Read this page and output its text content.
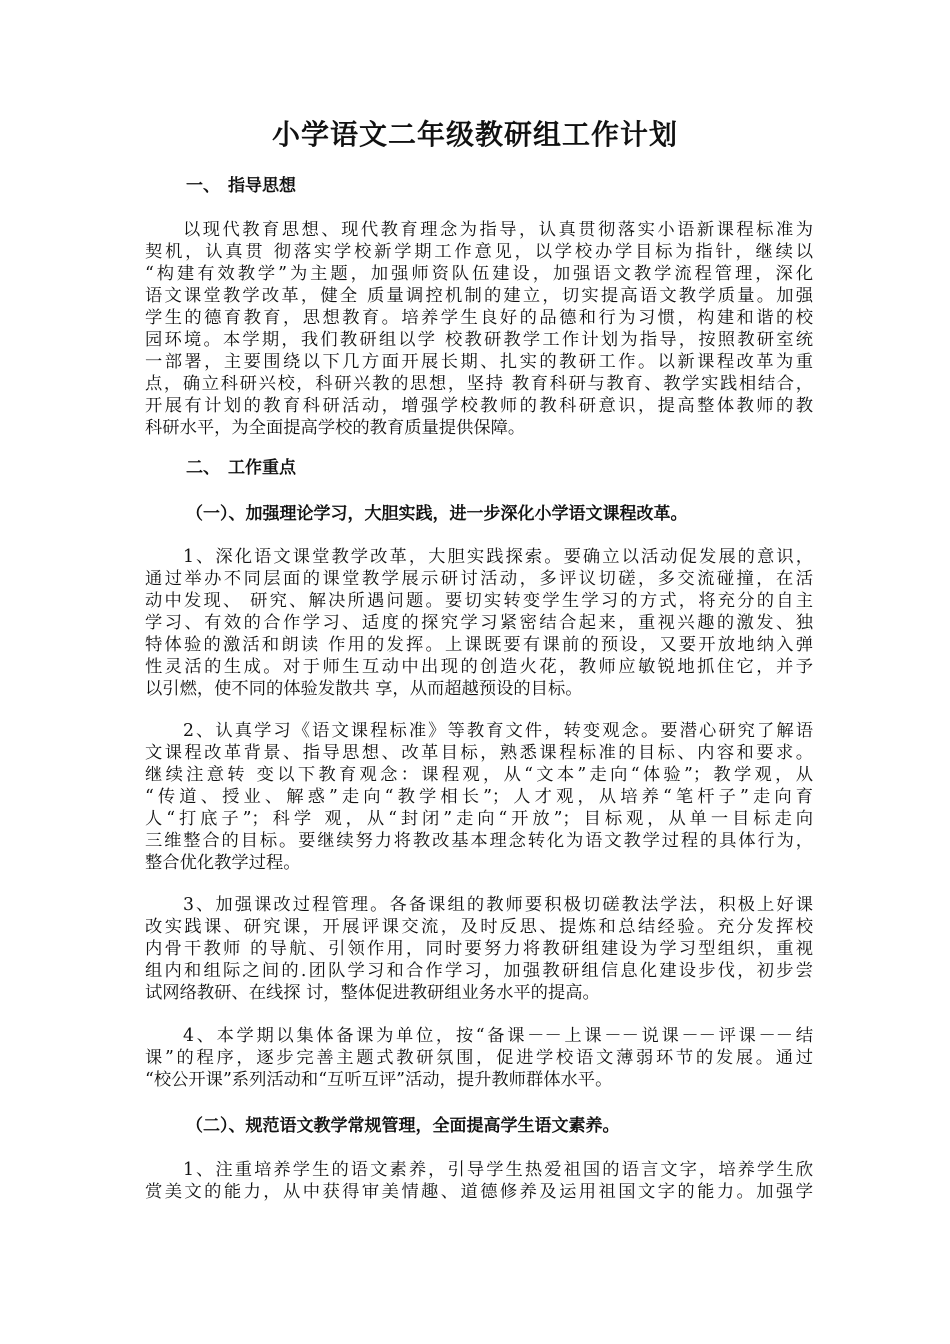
小学语文二年级教研组工作计划
一、 指导思想
以现代教育思想、现代教育理念为指导，认真贯彻落实小语新课程标准为
契机，认真贯 彻落实学校新学期工作意见，以学校办学目标为指针，继续以
“构建有效教学”为主题，加强师资队伍建设，加强语文教学流程管理，深化
语文课堂教学改革，健全 质量调控机制的建立，切实提高语文教学质量。加强
学生的德育教育，思想教育。培养学生良好的品德和行为习惯，构建和谐的校
园环境。本学期，我们教研组以学 校教研教学工作计划为指导，按照教研室统
一部署，主要围绕以下几方面开展长期、扎实的教研工作。以新课程改革为重
点，确立科研兴校，科研兴教的思想，坚持 教育科研与教育、教学实践相结合，
开展有计划的教育科研活动，增强学校教师的教科研意识，提高整体教师的教
科研水平，为全面提高学校的教育质量提供保障。
二、 工作重点
（一）、加强理论学习，大胆实践，进一步深化小学语文课程改革。
1、深化语文课堂教学改革，大胆实践探索。要确立以活动促发展的意识，
通过举办不同层面的课堂教学展示研讨活动，多评议切磋，多交流碰撞，在活
动中发现、 研究、解决所遇问题。要切实转变学生学习的方式，将充分的自主
学习、有效的合作学习、适度的探究学习紧密结合起来，重视兴趣的激发、独
特体验的激活和朗读 作用的发挥。上课既要有课前的预设，又要开放地纳入弹
性灵活的生成。对于师生互动中出现的创造火花，教师应敏锐地抓住它，并予
以引燃，使不同的体验发散共 享，从而超越预设的目标。
2、认真学习《语文课程标准》等教育文件，转变观念。要潜心研究了解语
文课程改革背景、指导思想、改革目标，熟悉课程标准的目标、内容和要求。
继续注意转 变以下教育观念：课程观，从“文本”走向“体验”；教学观，从
“传道、授业、解惑”走向“教学相长”；人才观，从培养“笔杆子”走向育
人“打底子”；科学 观，从“封闭”走向“开放”；目标观，从单一目标走向
三维整合的目标。要继续努力将教改基本理念转化为语文教学过程的具体行为，
整合优化教学过程。
3、加强课改过程管理。各备课组的教师要积极切磋教法学法，积极上好课
改实践课、研究课，开展评课交流，及时反思、提炼和总结经验。充分发挥校
内骨干教师 的导航、引领作用，同时要努力将教研组建设为学习型组织，重视
组内和组际之间的.团队学习和合作学习，加强教研组信息化建设步伐，初步尝
试网络教研、在线探 讨，整体促进教研组业务水平的提高。
4、本学期以集体备课为单位，按“备课－－上课－－说课－－评课－－结
课”的程序，逐步完善主题式教研氛围，促进学校语文薄弱环节的发展。通过
“校公开课”系列活动和“互听互评”活动，提升教师群体水平。
（二）、规范语文教学常规管理，全面提高学生语文素养。
1、注重培养学生的语文素养，引导学生热爱祖国的语言文字，培养学生欣
赏美文的能力，从中获得审美情趣、道德修养及运用祖国文字的能力。加强学
